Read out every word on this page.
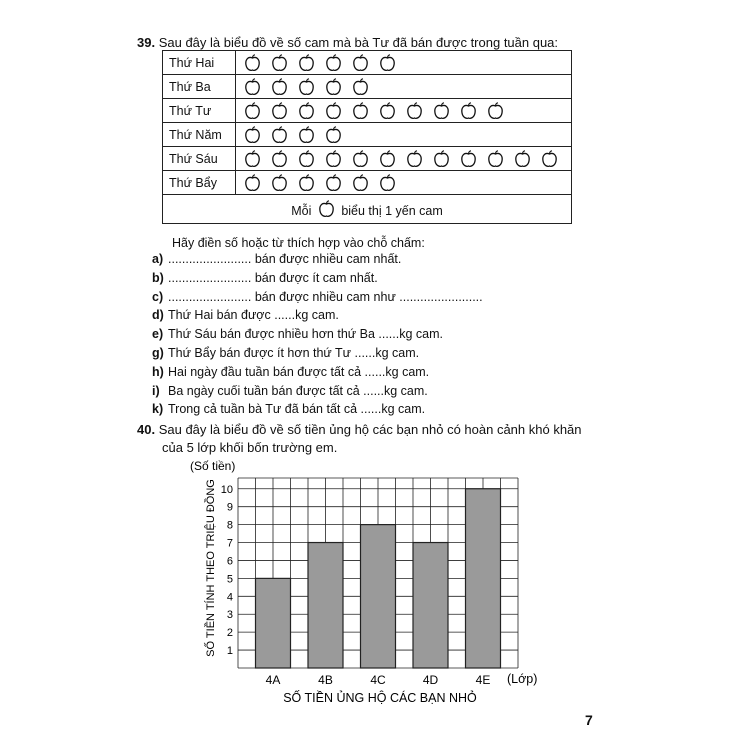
39. Sau đây là biểu đồ về số cam mà bà Tư đã bán được trong tuần qua:
Thứ Hai	
Thứ Ba	
Thứ Tư	
Thứ Năm	
Thứ Sáu	
Thứ Bẩy	
Mỗi biểu thị 1 yến cam	
Hãy điền số hoặc từ thích hợp vào chỗ chấm:
a) ........................ bán được nhiều cam nhất.
b) ........................ bán được ít cam nhất.
c) ........................ bán được nhiều cam như ........................
d) Thứ Hai bán được ......kg cam.
e) Thứ Sáu bán được nhiều hơn thứ Ba ......kg cam.
g) Thứ Bẩy bán được ít hơn thứ Tư ......kg cam.
h) Hai ngày đầu tuần bán được tất cả ......kg cam.
i) Ba ngày cuối tuần bán được tất cả ......kg cam.
k) Trong cả tuần bà Tư đã bán tất cả ......kg cam.
40. Sau đây là biểu đồ về số tiền ủng hộ các bạn nhỏ có hoàn cảnh khó khăn
của 5 lớp khối bốn trường em.
(Số tiền)
SỐ TIỀN TÍNH THEO TRIỆU ĐỒNG
SỐ TIỀN ỦNG HỘ CÁC BẠN NHỎ
(Lớp)
1
2
3
4
5
6
7
8
9
10
4A	4B	4C	4D	4E
7
